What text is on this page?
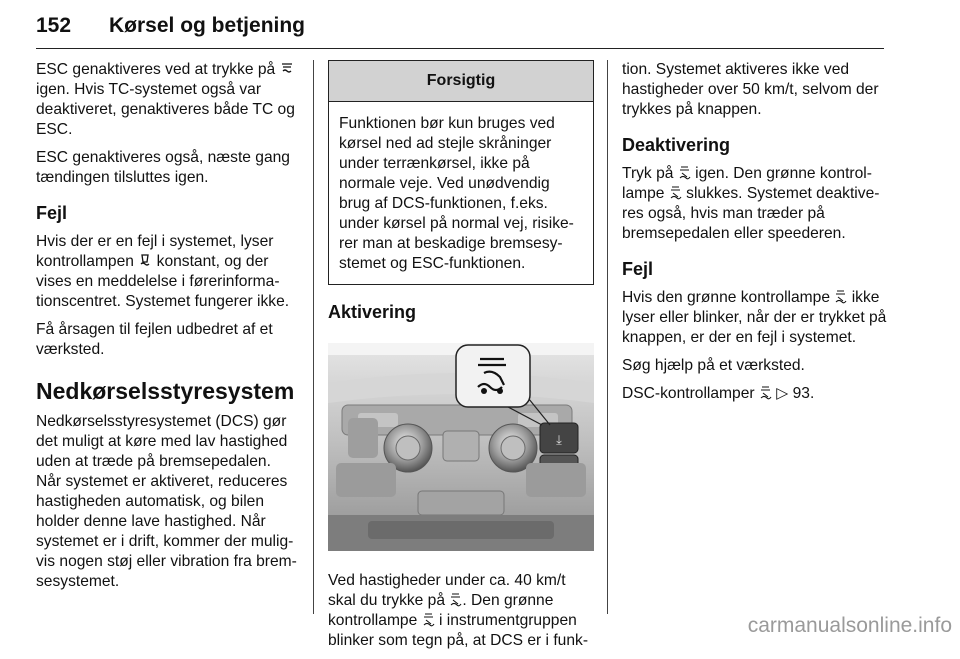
152 Kørsel og betjening

ESC genaktiveres ved at trykke på
igen. Hvis TC-systemet også var
deaktiveret, genaktiveres både TC og
ESC.

ESC genaktiveres også, næste gang
tændingen tilsluttes igen.

Fejl

Hvis der er en fejl i systemet, lyser
kontrollampen konstant, og der
vises en meddelelse i førerinforma-
tionscentret. Systemet fungerer ikke.

Få årsagen til fejlen udbedret af et
værksted.

Nedkørselsstyresystem

Nedkørselsstyresystemet (DCS) gør
det muligt at køre med lav hastighed
uden at træde på bremsepedalen.
Når systemet er aktiveret, reduceres
hastigheden automatisk, og bilen
holder denne lave hastighed. Når
systemet er i drift, kommer der mulig-
vis nogen støj eller vibration fra brem-
sesystemet.

Forsigtig
Funktionen bør kun bruges ved
kørsel ned ad stejle skråninger
under terrænkørsel, ikke på
normale veje. Ved unødvendig
brug af DCS-funktionen, f.eks.
under kørsel på normal vej, risike-
rer man at beskadige bremsesy-
stemet og ESC-funktionen.
Aktivering
⤓

Ved hastigheder under ca. 40 km/t
skal du trykke på . Den grønne
kontrollampe i instrumentgruppen
blinker som tegn på, at DCS er i funk-

tion. Systemet aktiveres ikke ved
hastigheder over 50 km/t, selvom der
trykkes på knappen.

Deaktivering

Tryk på igen. Den grønne kontrol-
lampe slukkes. Systemet deaktive-
res også, hvis man træder på
bremsepedalen eller speederen.

Fejl

Hvis den grønne kontrollampe ikke
lyser eller blinker, når der er trykket på
knappen, er der en fejl i systemet.

Søg hjælp på et værksted.

DSC-kontrollamper ▷ 93.

carmanualsonline.info
